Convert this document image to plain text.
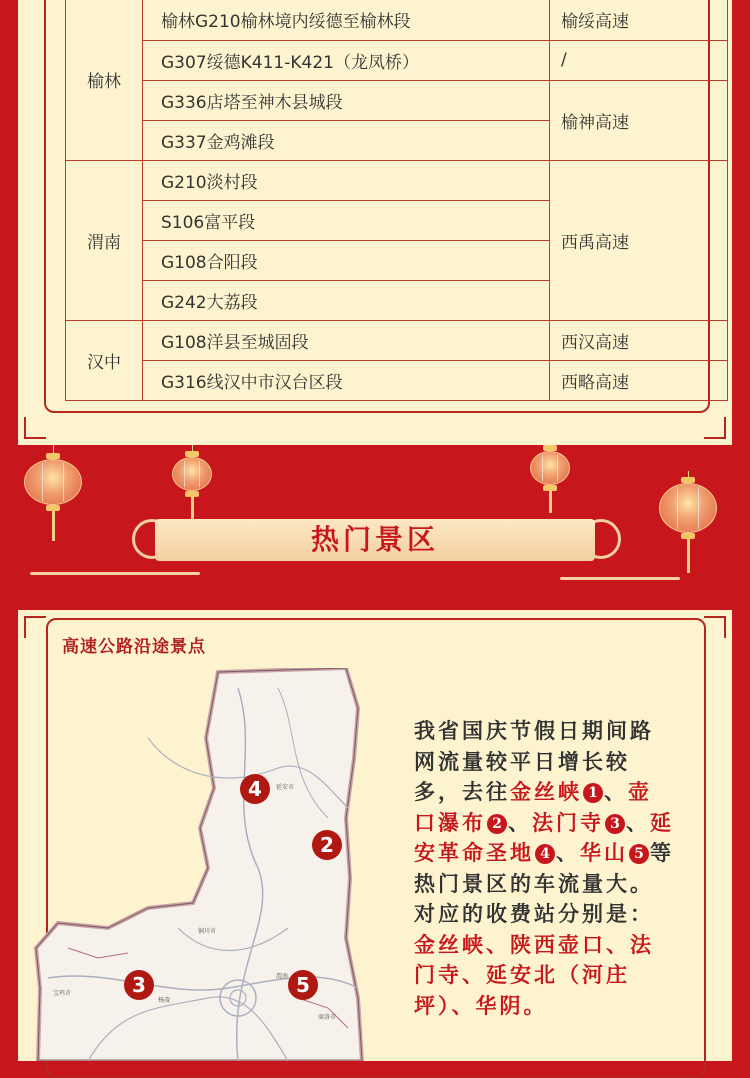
榆林	榆林G210榆林境内绥德至榆林段	榆绥高速
	G307绥德K411-K421（龙凤桥）	/
	G336店塔至神木县城段	榆神高速
	G337金鸡滩段	
渭南	G210淡村段	西禹高速
	S106富平段	
	G108合阳段	
	G242大荔段	
汉中	G108洋县至城固段	西汉高速
	G316线汉中市汉台区段	西略高速
热门景区
高速公路沿途景点
延安市
铜川市
宝鸡市
渭南
杨凌
商洛市
4
2
3	5
我省国庆节假日期间路网流量较平日增长较多，去往金丝峡 1 、壶口瀑布 2 、法门寺 3 、延安革命圣地 4 、华山 5 等热门景区的车流量大。对应的收费站分别是：金丝峡、陕西壶口、法门寺、延安北（河庄坪）、华阴。
